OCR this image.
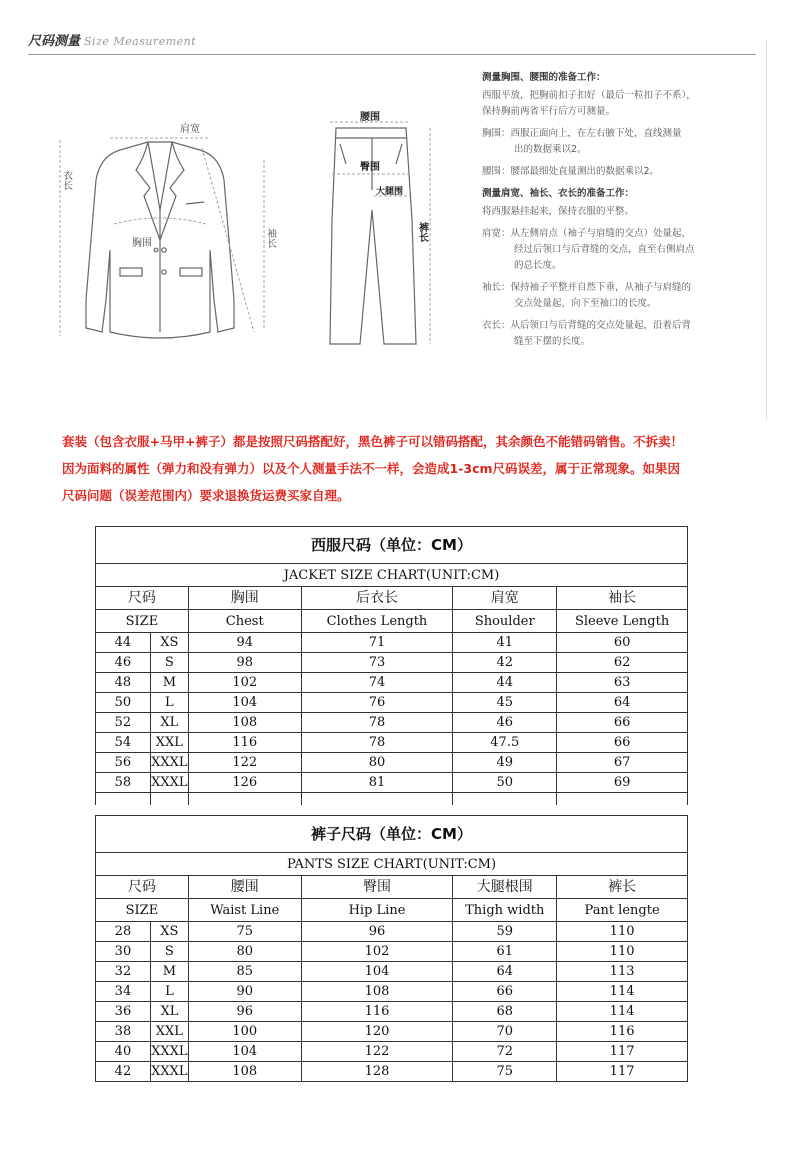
尺码测量 Size Measurement
肩宽
衣长
胸围	袖长
腰围
臀围
大腿围
裤长
测量胸围、腰围的准备工作：
西服平放，把胸前扣子扣好（最后一粒扣子不系），
保持胸前两省平行后方可测量。
胸围：西服正面向上，在左右腋下处，直线测量
出的数据乘以2。
腰围：腰部最细处直量测出的数据乘以2。
测量肩宽、袖长、衣长的准备工作：
将西服悬挂起来，保持衣服的平整。
肩宽：从左侧肩点（袖子与肩缝的交点）处量起，
经过后领口与后背缝的交点，直至右侧肩点
的总长度。
袖长：保持袖子平整并自然下垂，从袖子与肩缝的
交点处量起，向下至袖口的长度。
衣长：从后领口与后背缝的交点处量起，沿着后背
缝至下摆的长度。
套装（包含衣服+马甲+裤子）都是按照尺码搭配好，黑色裤子可以错码搭配，其余颜色不能错码销售。不拆卖！
因为面料的属性（弹力和没有弹力）以及个人测量手法不一样，会造成1-3cm尺码误差，属于正常现象。如果因
尺码问题（误差范围内）要求退换货运费买家自理。
西服尺码（单位：CM）					
JACKET SIZE CHART(UNIT:CM)					
尺码		胸围	后衣长	肩宽	袖长
SIZE		Chest	Clothes Length	Shoulder	Sleeve Length
44	XS	94	71	41	60
46	S	98	73	42	62
48	M	102	74	44	63
50	L	104	76	45	64
52	XL	108	78	46	66
54	XXL	116	78	47.5	66
56	XXXL	122	80	49	67
58	XXXL	126	81	50	69

裤子尺码（单位：CM）					
PANTS SIZE CHART(UNIT:CM)					
尺码		腰围	臀围	大腿根围	裤长
SIZE		Waist Line	Hip Line	Thigh width	Pant lengte
28	XS	75	96	59	110
30	S	80	102	61	110
32	M	85	104	64	113
34	L	90	108	66	114
36	XL	96	116	68	114
38	XXL	100	120	70	116
40	XXXL	104	122	72	117
42	XXXL	108	128	75	117
